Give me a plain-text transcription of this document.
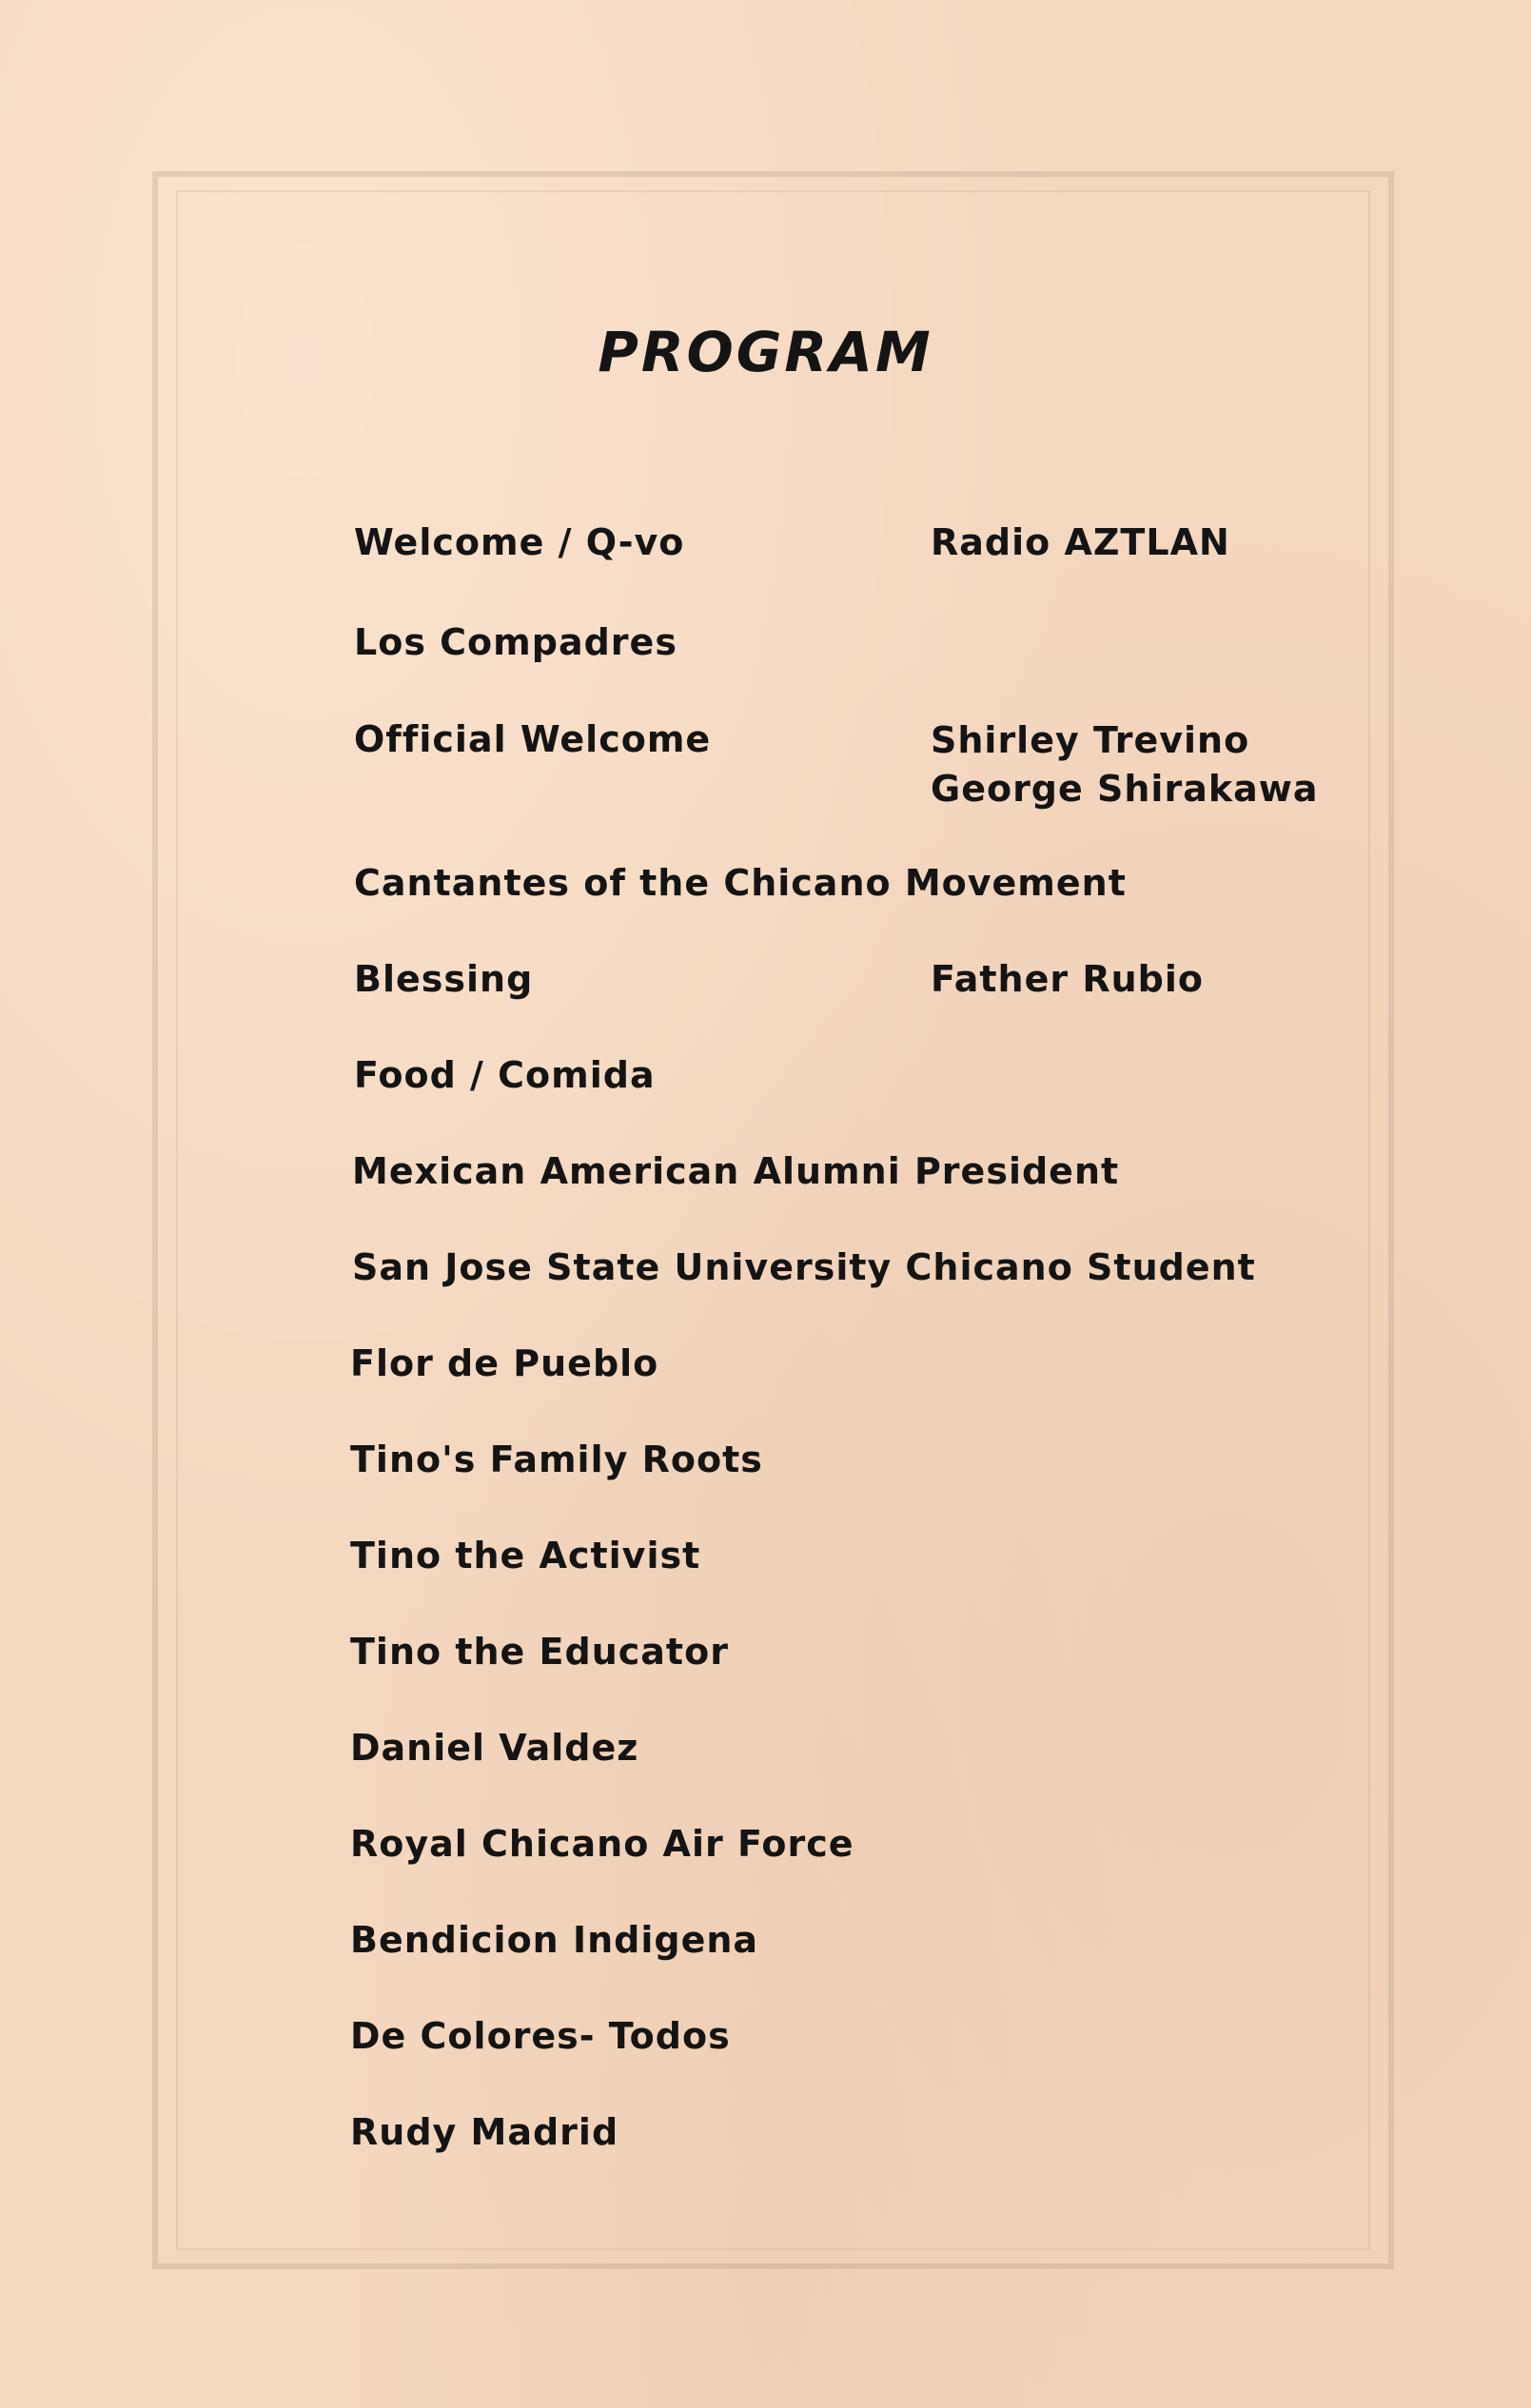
PROGRAM
Welcome / Q-vo	Radio AZTLAN
Los Compadres
Official Welcome	Shirley Trevino
George Shirakawa
Cantantes of the Chicano Movement
Blessing	Father Rubio
Food / Comida
Mexican American Alumni President
San Jose State University Chicano Student
Flor de Pueblo
Tino's Family Roots
Tino the Activist
Tino the Educator
Daniel Valdez
Royal Chicano Air Force
Bendicion Indigena
De Colores- Todos
Rudy Madrid
